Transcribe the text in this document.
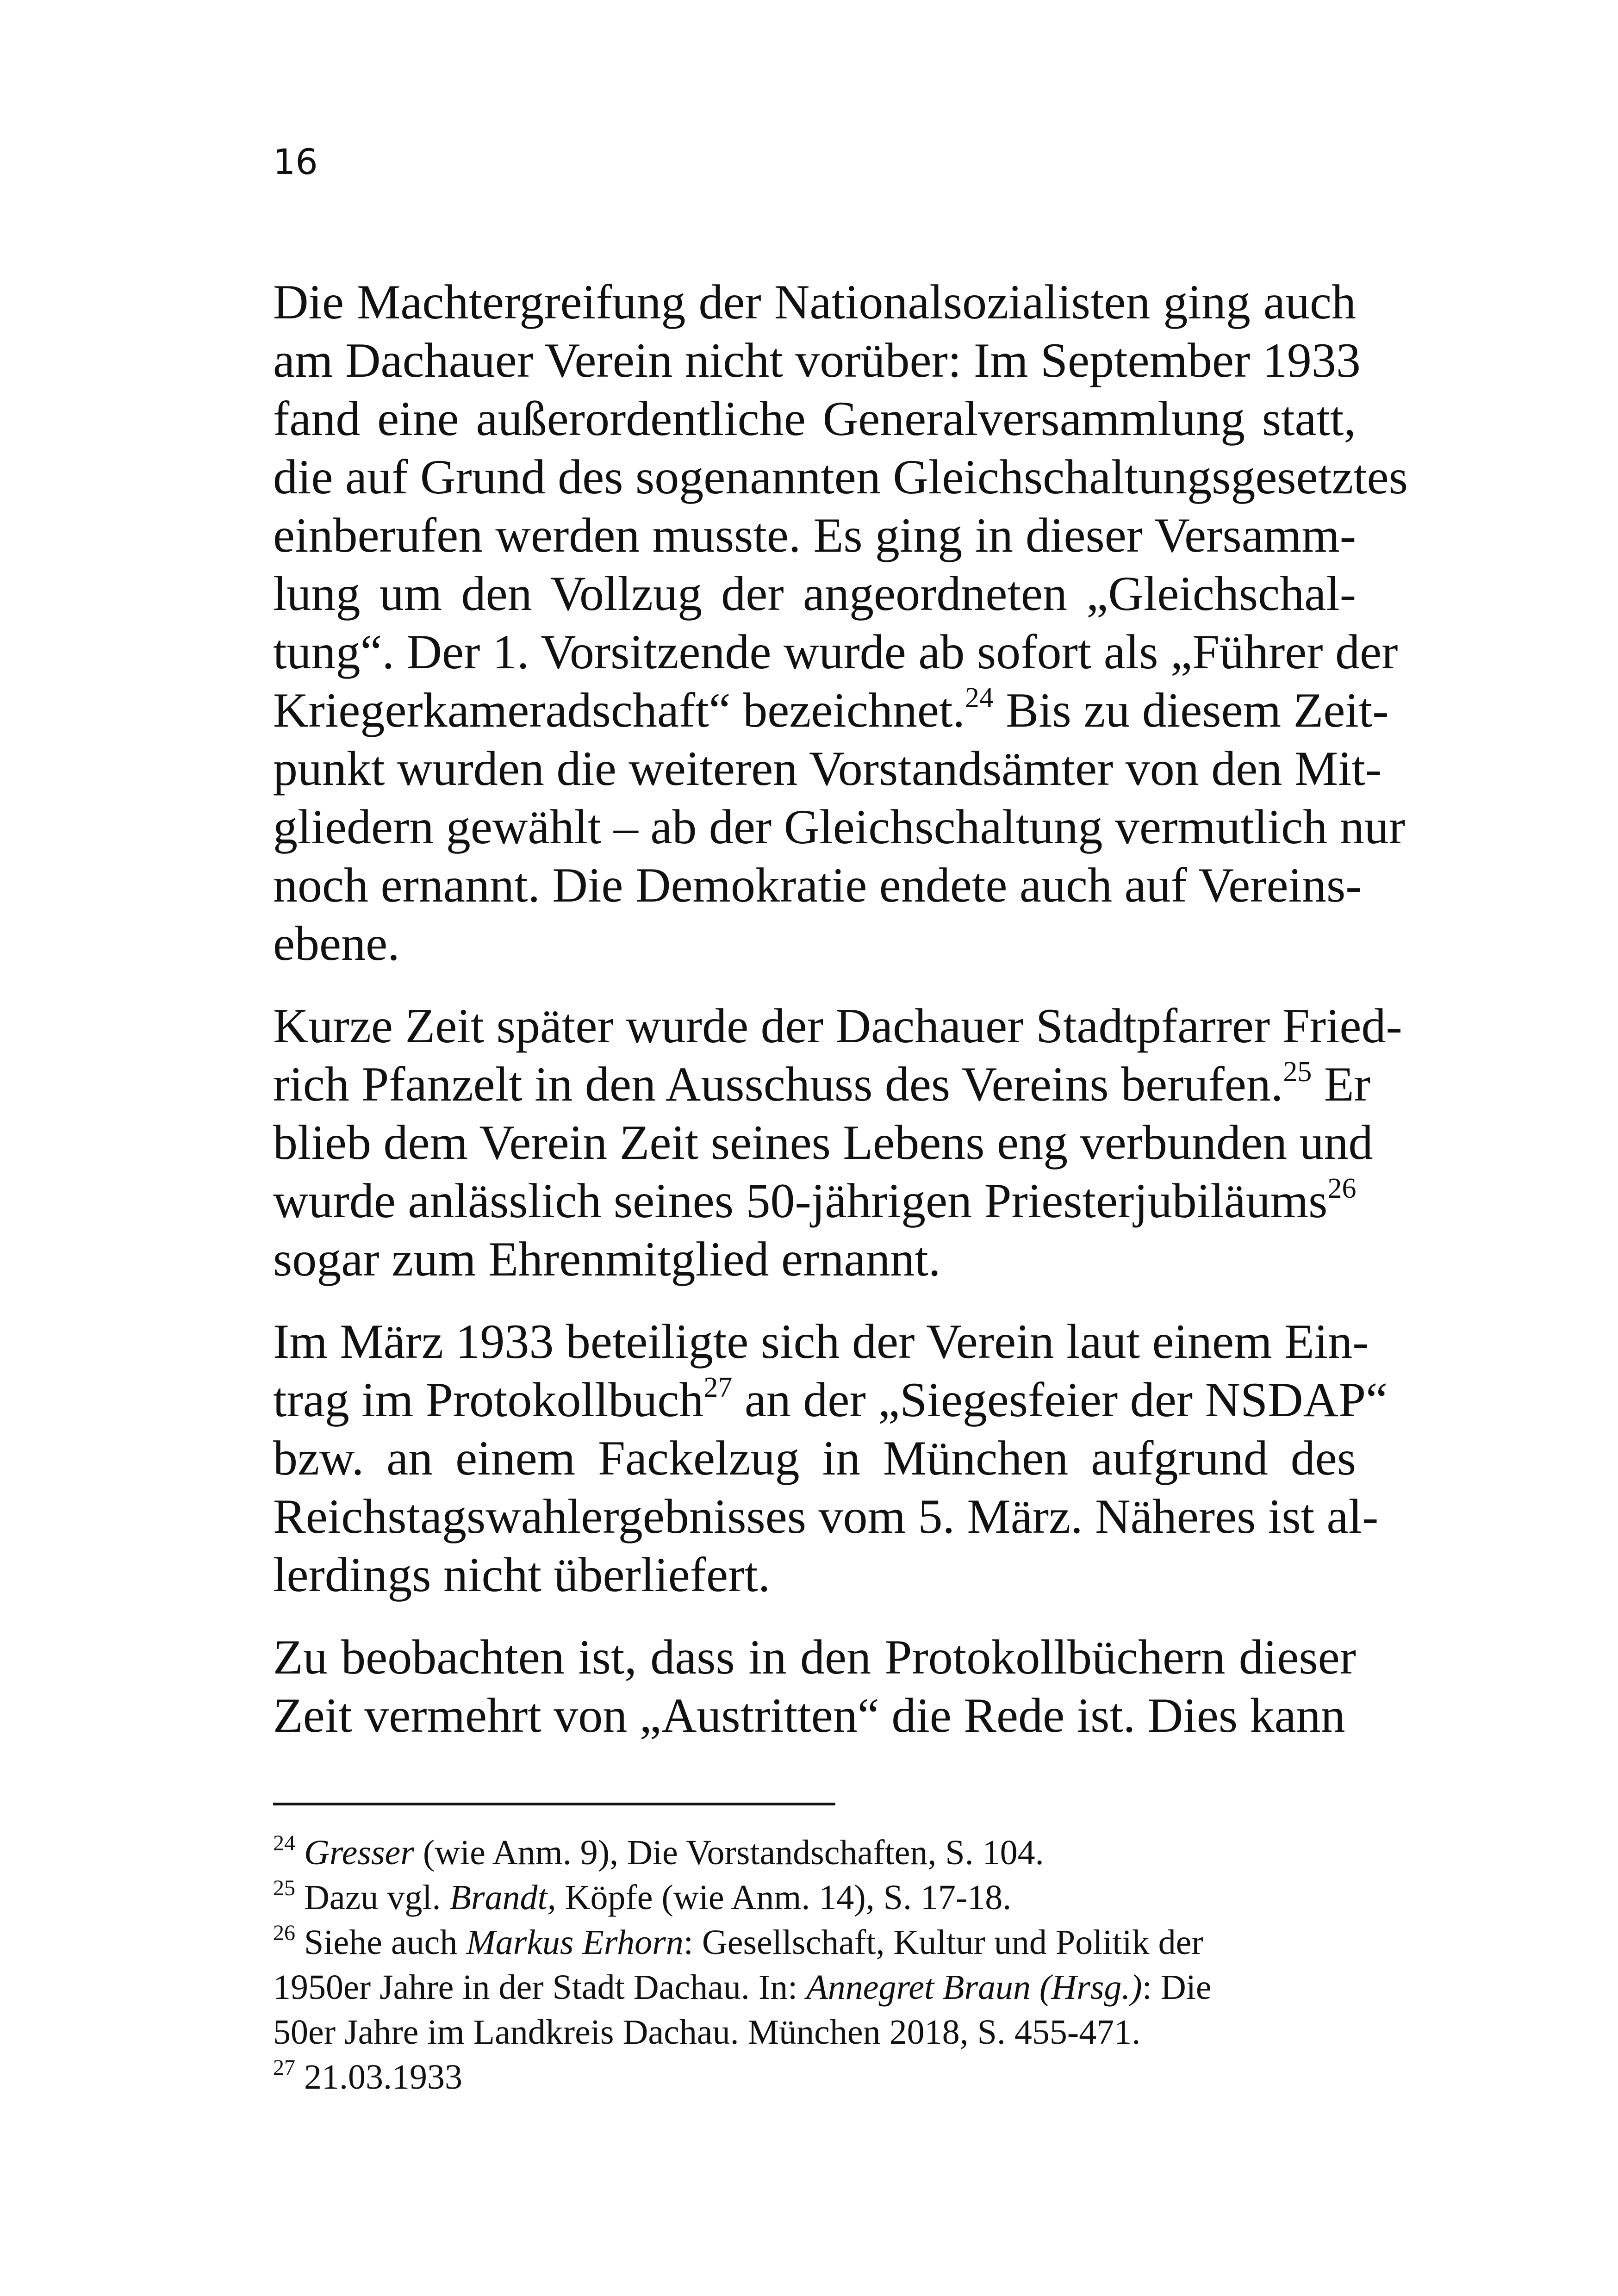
16

Die Machtergreifung der Nationalsozialisten ging auch
am Dachauer Verein nicht vorüber: Im September 1933
fand eine außerordentliche Generalversammlung statt,
die auf Grund des sogenannten Gleichschaltungsgesetztes
einberufen werden musste. Es ging in dieser Versamm-
lung um den Vollzug der angeordneten „Gleichschal-
tung“. Der 1. Vorsitzende wurde ab sofort als „Führer der
Kriegerkameradschaft“ bezeichnet.$^{24}$ Bis zu diesem Zeit-
punkt wurden die weiteren Vorstandsämter von den Mit-
gliedern gewählt – ab der Gleichschaltung vermutlich nur
noch ernannt. Die Demokratie endete auch auf Vereins-
ebene.

Kurze Zeit später wurde der Dachauer Stadtpfarrer Fried-
rich Pfanzelt in den Ausschuss des Vereins berufen.$^{25}$ Er
blieb dem Verein Zeit seines Lebens eng verbunden und
wurde anlässlich seines 50-jährigen Priesterjubiläums$^{26}$
sogar zum Ehrenmitglied ernannt.

Im März 1933 beteiligte sich der Verein laut einem Ein-
trag im Protokollbuch$^{27}$ an der „Siegesfeier der NSDAP“
bzw. an einem Fackelzug in München aufgrund des
Reichstagswahlergebnisses vom 5. März. Näheres ist al-
lerdings nicht überliefert.

Zu beobachten ist, dass in den Protokollbüchern dieser
Zeit vermehrt von „Austritten“ die Rede ist. Dies kann

$^{24}$ Gresser (wie Anm. 9), Die Vorstandschaften, S. 104.
$^{25}$ Dazu vgl. Brandt, Köpfe (wie Anm. 14), S. 17-18.
$^{26}$ Siehe auch Markus Erhorn: Gesellschaft, Kultur und Politik der
1950er Jahre in der Stadt Dachau. In: Annegret Braun (Hrsg.): Die
50er Jahre im Landkreis Dachau. München 2018, S. 455-471.
$^{27}$ 21.03.1933
